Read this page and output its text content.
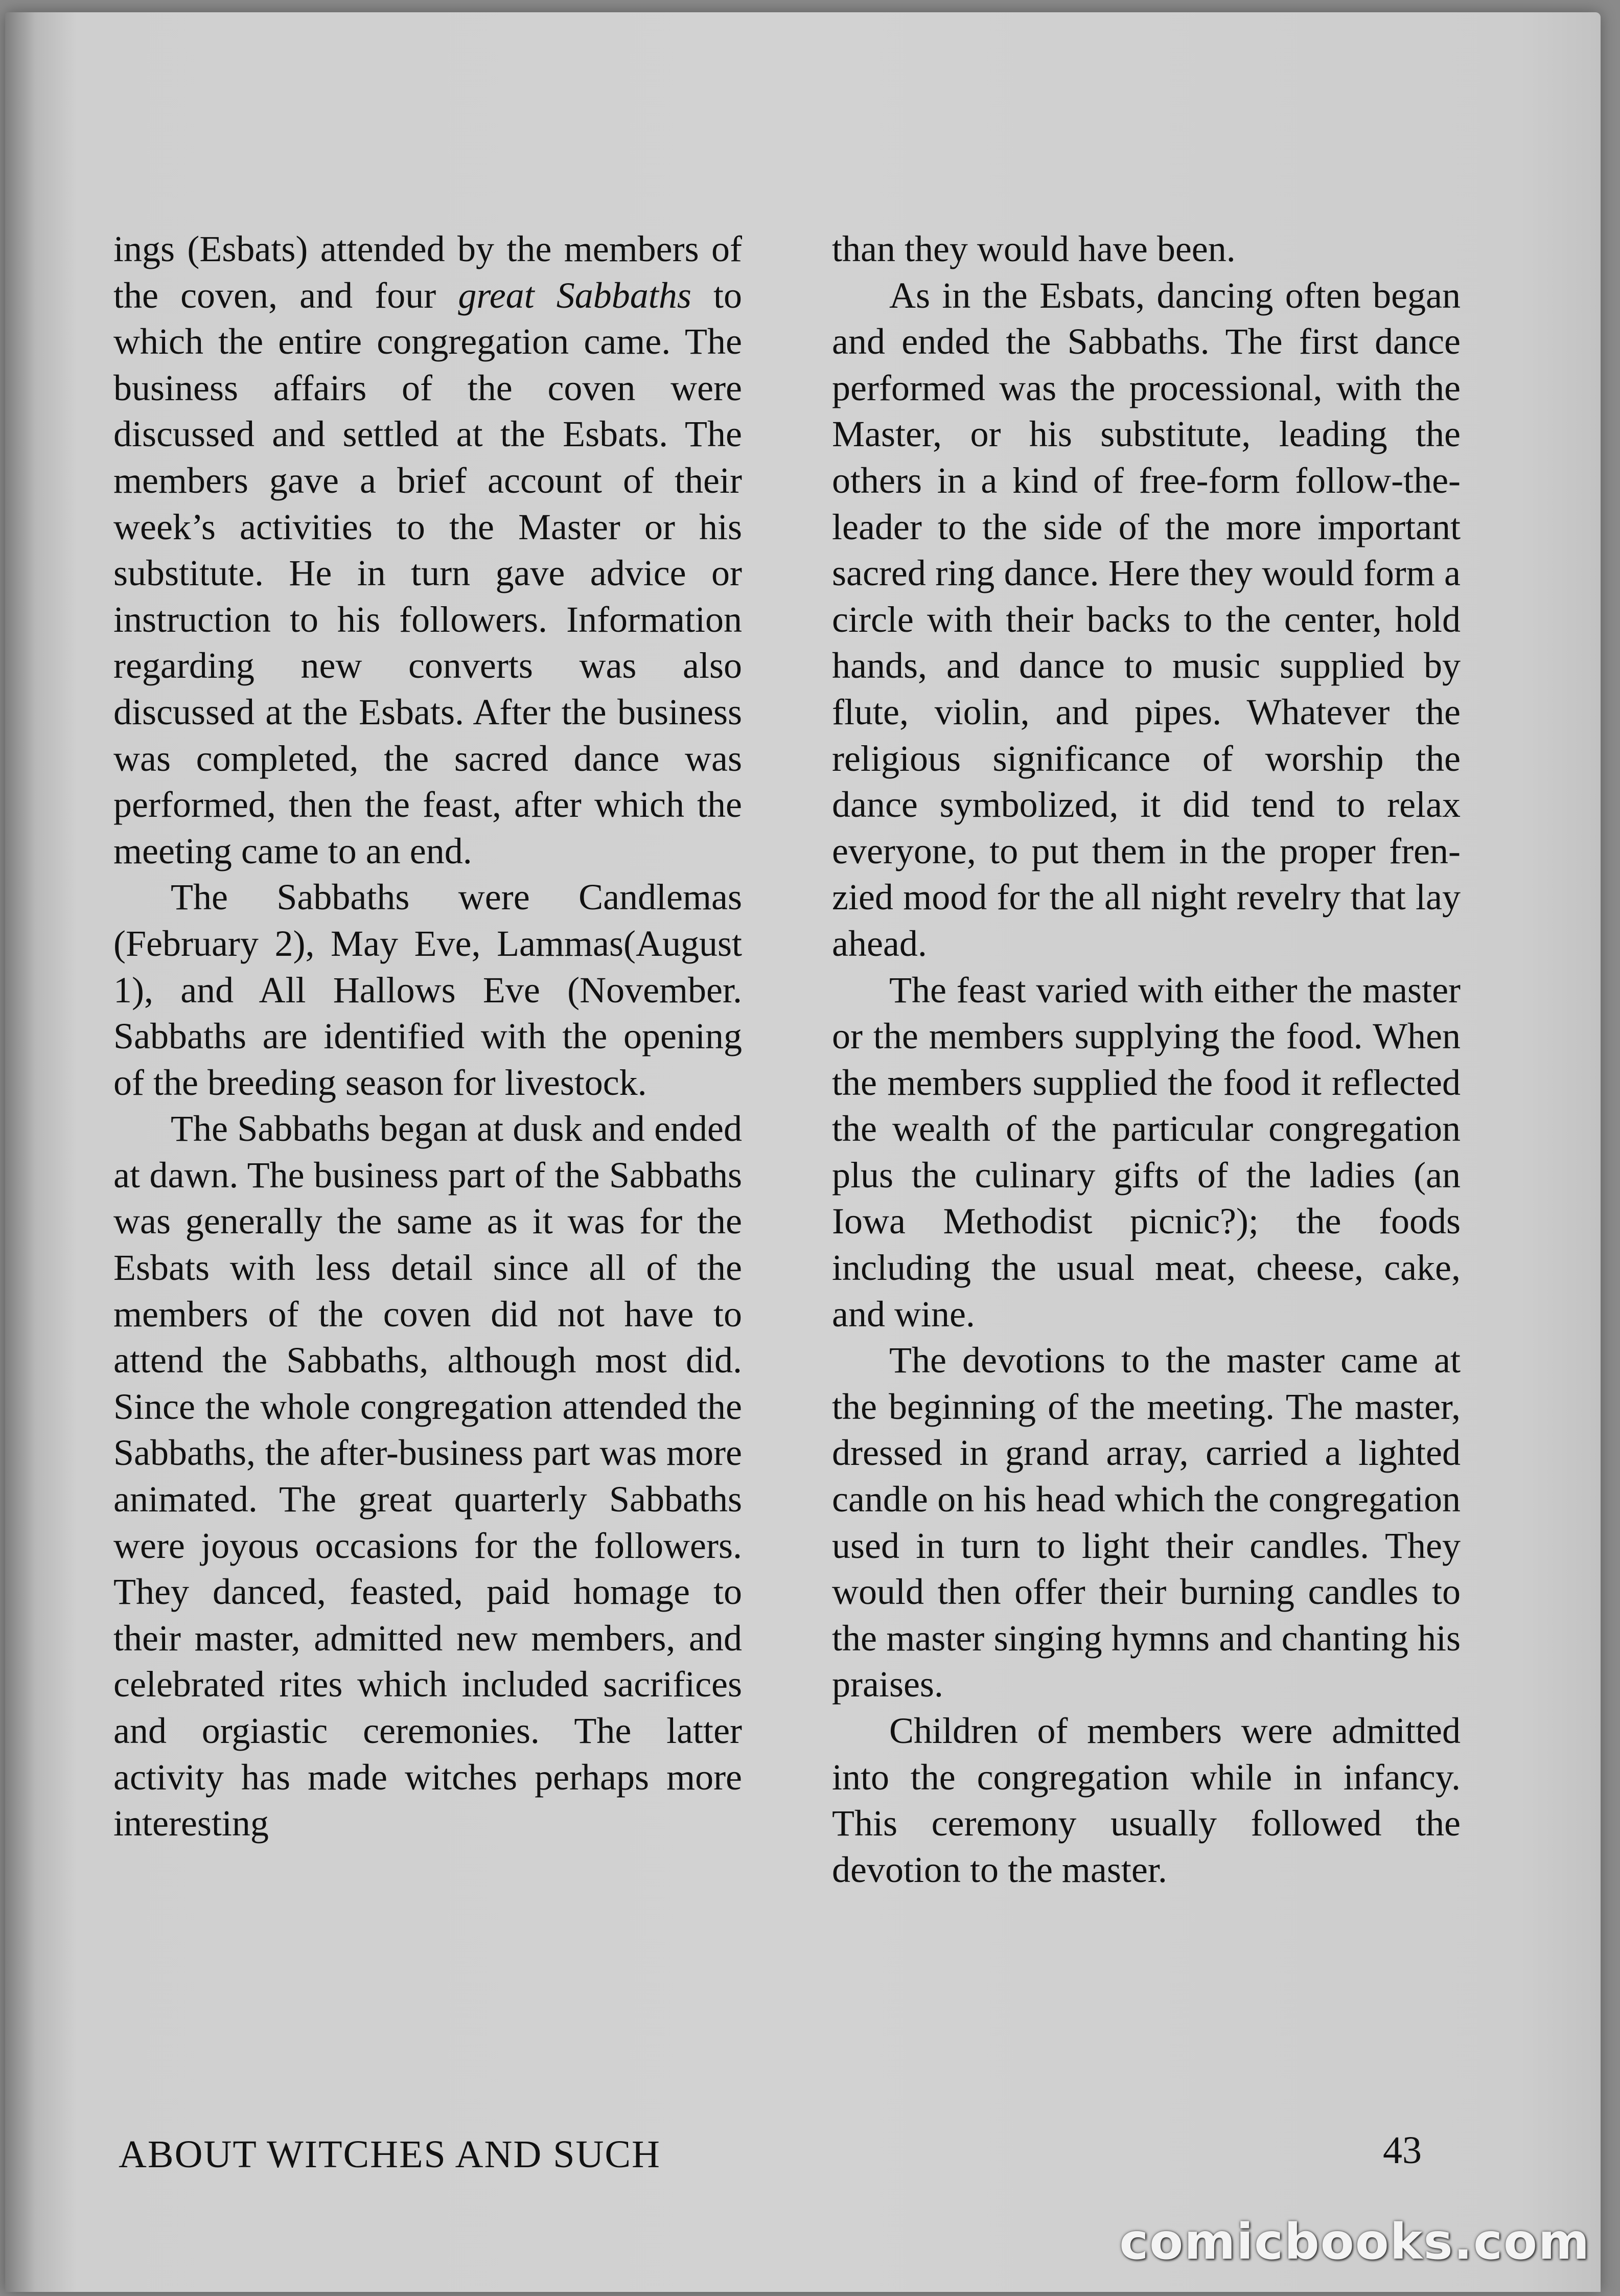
ings (Esbats) attended by the members of the coven, and four great Sabbaths to which the entire congregation came. The business affairs of the coven were discussed and settled at the Esbats. The members gave a brief account of their week’s activities to the Master or his substitute. He in turn gave advice or instruction to his followers. Information regarding new converts was also discussed at the Esbats. After the business was completed, the sacred dance was performed, then the feast, after which the meeting came to an end.

The Sabbaths were Candlemas (February 2), May Eve, Lammas(August 1), and All Hallows Eve (November. Sabbaths are identified with the opening of the breeding season for livestock.

The Sabbaths began at dusk and ended at dawn. The business part of the Sabbaths was generally the same as it was for the Esbats with less detail since all of the members of the coven did not have to attend the Sabbaths, although most did. Since the whole congregation attended the Sabbaths, the after-business part was more animated. The great quarterly Sabbaths were joyous occasions for the followers. They danced, feasted, paid homage to their master, admitted new members, and celebrated rites which included sacrifices and orgiastic ceremonies. The latter activity has made witches perhaps more interesting

than they would have been.

As in the Esbats, dancing often began and ended the Sabbaths. The first dance performed was the processional, with the Master, or his substitute, leading the others in a kind of free-form follow-the-leader to the side of the more important sacred ring dance. Here they would form a circle with their backs to the center, hold hands, and dance to music supplied by flute, violin, and pipes. Whatever the religious significance of worship the dance symbolized, it did tend to relax everyone, to put them in the proper frenzied mood for the all night revelry that lay ahead.

The feast varied with either the master or the members supplying the food. When the members supplied the food it reflected the wealth of the particular congregation plus the culinary gifts of the ladies (an Iowa Methodist picnic?); the foods including the usual meat, cheese, cake, and wine.

The devotions to the master came at the beginning of the meeting. The master, dressed in grand array, carried a lighted candle on his head which the congregation used in turn to light their candles. They would then offer their burning candles to the master singing hymns and chanting his praises.

Children of members were admitted into the congregation while in infancy. This ceremony usually followed the devotion to the master.

ABOUT WITCHES AND SUCH	43
comicbooks.com
